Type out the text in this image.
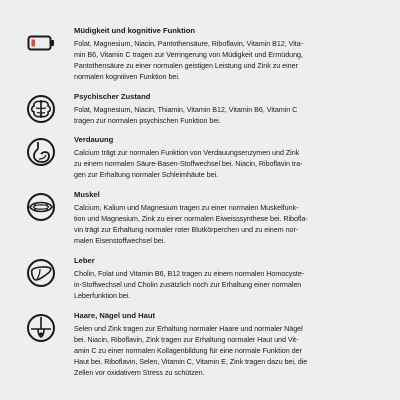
Müdigkeit und kognitive Funktion
Folat, Magnesium, Niacin, Pantothensäure, Riboflavin, Vitamin B12, Vita-
min B6, Vitamin C tragen zur Verringerung von Müdigkeit und Ermüdung,
Pantothensäure zu einer normalen geistigen Leistung und Zink zu einer
normalen kognitiven Funktion bei.
Psychischer Zustand
Folat, Magnesium, Niacin, Thiamin, Vitamin B12, Vitamin B6, Vitamin C
tragen zur normalen psychischen Funktion bei.
Verdauung
Calcium trägt zur normalen Funktion von Verdauungsenzymen und Zink
zu einem normalen Säure-Basen-Stoffwechsel bei. Niacin, Riboflavin tra-
gen zur Erhaltung normaler Schleimhäute bei.
Muskel
Calcium, Kalium und Magnesium tragen zu einer normalen Muskelfunk-
tion und Magnesium, Zink zu einer normalen Eiweisssynthese bei. Ribofla-
vin trägt zur Erhaltung normaler roter Blutkörperchen und zu einem nor-
malen Eisenstoffwechsel bei.
Leber
Cholin, Folat und Vitamin B6, B12 tragen zu einem normalen Homocyste-
in-Stoffwechsel und Cholin zusätzlich noch zur Erhaltung einer normalen
Leberfunktion bei.
Haare, Nägel und Haut
Selen und Zink tragen zur Erhaltung normaler Haare und normaler Nägel
bei. Niacin, Riboflavin, Zink tragen zur Erhaltung normaler Haut und Vit-
amin C zu einer normalen Kollagenbildung für eine normale Funktion der
Haut bei. Riboflavin, Selen, Vitamin C, Vitamin E, Zink tragen dazu bei, die
Zellen vor oxidativem Stress zu schützen.
